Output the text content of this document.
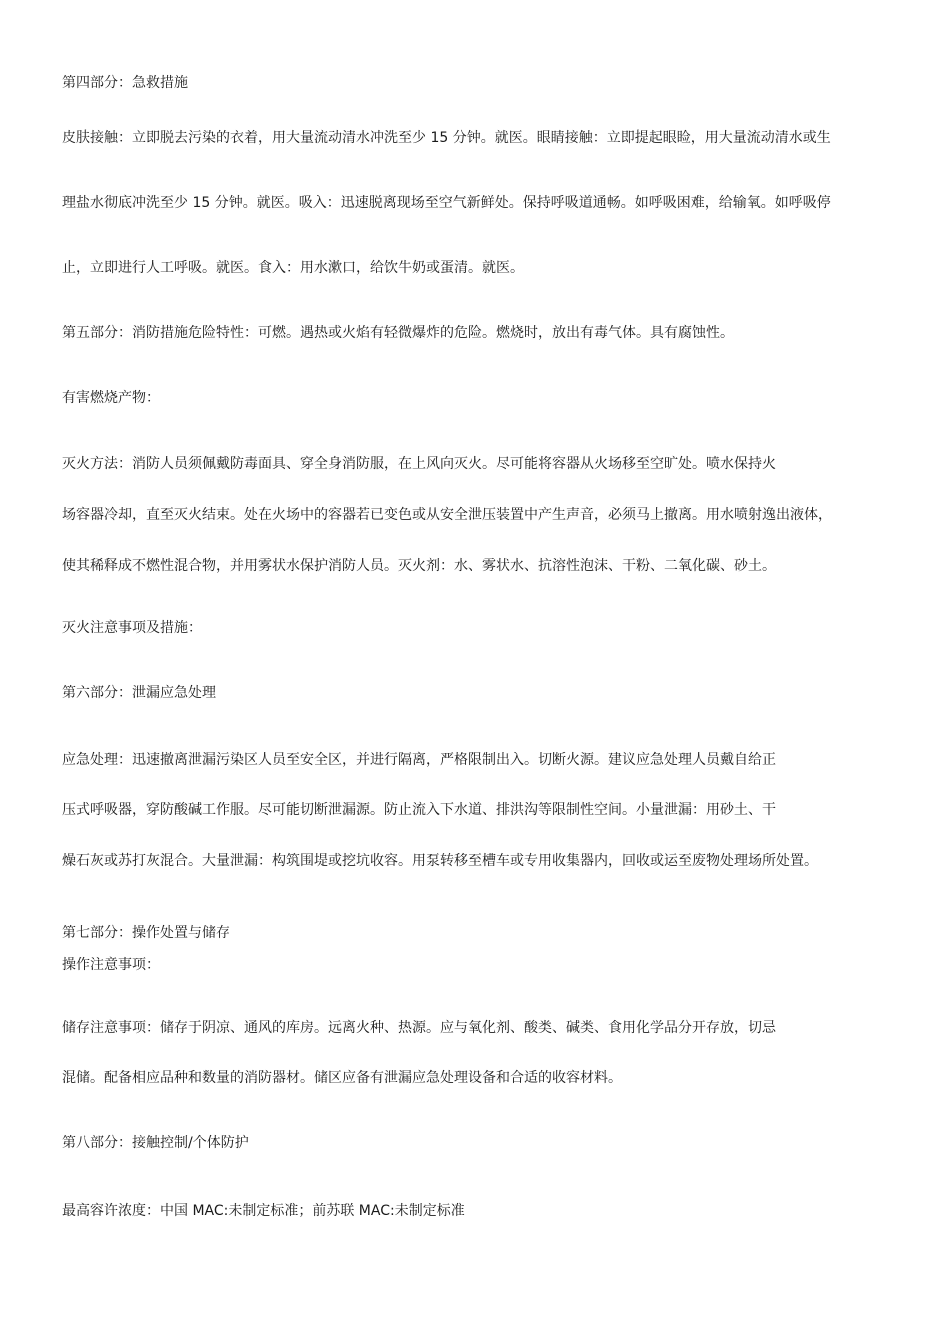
第四部分：急救措施
皮肤接触：立即脱去污染的衣着，用大量流动清水冲洗至少 15 分钟。就医。眼睛接触：立即提起眼睑，用大量流动清水或生
理盐水彻底冲洗至少 15 分钟。就医。吸入：迅速脱离现场至空气新鲜处。保持呼吸道通畅。如呼吸困难，给输氧。如呼吸停
止，立即进行人工呼吸。就医。食入：用水漱口，给饮牛奶或蛋清。就医。
第五部分：消防措施危险特性：可燃。遇热或火焰有轻微爆炸的危险。燃烧时，放出有毒气体。具有腐蚀性。
有害燃烧产物：
灭火方法：消防人员须佩戴防毒面具、穿全身消防服，在上风向灭火。尽可能将容器从火场移至空旷处。喷水保持火
场容器冷却，直至灭火结束。处在火场中的容器若已变色或从安全泄压装置中产生声音，必须马上撤离。用水喷射逸出液体，
使其稀释成不燃性混合物，并用雾状水保护消防人员。灭火剂：水、雾状水、抗溶性泡沫、干粉、二氧化碳、砂土。
灭火注意事项及措施：
第六部分：泄漏应急处理
应急处理：迅速撤离泄漏污染区人员至安全区，并进行隔离，严格限制出入。切断火源。建议应急处理人员戴自给正
压式呼吸器，穿防酸碱工作服。尽可能切断泄漏源。防止流入下水道、排洪沟等限制性空间。小量泄漏：用砂土、干
燥石灰或苏打灰混合。大量泄漏：构筑围堤或挖坑收容。用泵转移至槽车或专用收集器内，回收或运至废物处理场所处置。
第七部分：操作处置与储存
操作注意事项：
储存注意事项：储存于阴凉、通风的库房。远离火种、热源。应与氧化剂、酸类、碱类、食用化学品分开存放，切忌
混储。配备相应品种和数量的消防器材。储区应备有泄漏应急处理设备和合适的收容材料。
第八部分：接触控制/个体防护
最高容许浓度：中国 MAC:未制定标准；前苏联 MAC:未制定标准
